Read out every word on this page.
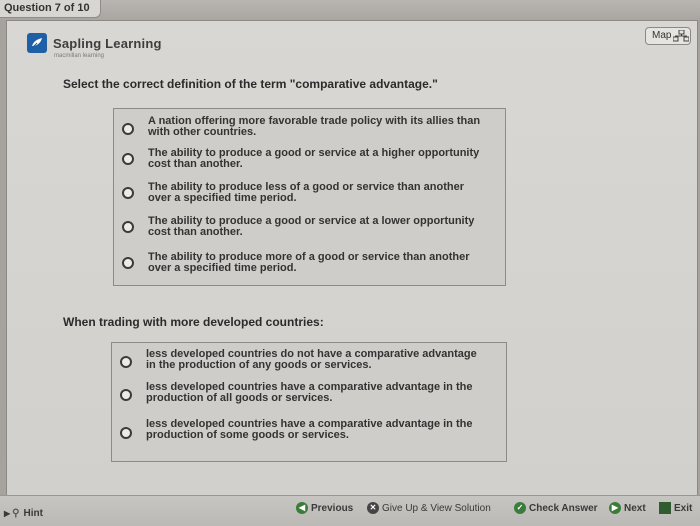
Question 7 of 10
Sapling Learning
macmillan learning
Map
Select the correct definition of the term "comparative advantage."
A nation offering more favorable trade policy with its allies than
with other countries.
The ability to produce a good or service at a higher opportunity
cost than another.
The ability to produce less of a good or service than another
over a specified time period.
The ability to produce a good or service at a lower opportunity
cost than another.
The ability to produce more of a good or service than another
over a specified time period.
When trading with more developed countries:
less developed countries do not have a comparative advantage
in the production of any goods or services.
less developed countries have a comparative advantage in the
production of all goods or services.
less developed countries have a comparative advantage in the
production of some goods or services.
▶ ⚲ Hint
◀ Previous	✕ Give Up & View Solution	✓ Check Answer	▶ Next	Exit
